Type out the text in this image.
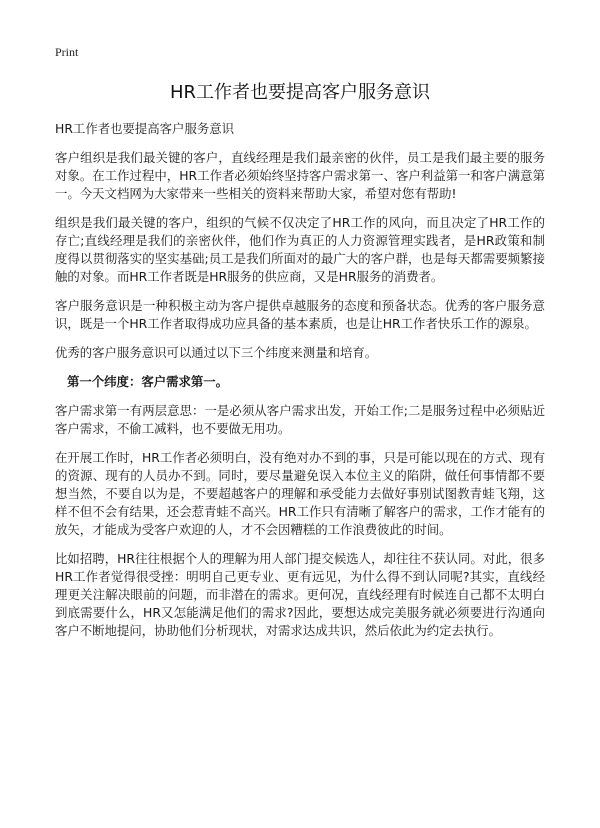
Print
HR工作者也要提高客户服务意识

HR工作者也要提高客户服务意识

客户组织是我们最关键的客户，直线经理是我们最亲密的伙伴，员工是我们最主要的服务对象。在工作过程中，HR工作者必须始终坚持客户需求第一、客户利益第一和客户满意第一。今天文档网为大家带来一些相关的资料来帮助大家，希望对您有帮助!

组织是我们最关键的客户，组织的气候不仅决定了HR工作的风向，而且决定了HR工作的存亡;直线经理是我们的亲密伙伴，他们作为真正的人力资源管理实践者，是HR政策和制度得以贯彻落实的坚实基础;员工是我们所面对的最广大的客户群，也是每天都需要频繁接触的对象。而HR工作者既是HR服务的供应商，又是HR服务的消费者。

客户服务意识是一种积极主动为客户提供卓越服务的态度和预备状态。优秀的客户服务意识，既是一个HR工作者取得成功应具备的基本素质，也是让HR工作者快乐工作的源泉。

优秀的客户服务意识可以通过以下三个纬度来测量和培育。

第一个纬度：客户需求第一。

客户需求第一有两层意思：一是必须从客户需求出发，开始工作;二是服务过程中必须贴近客户需求，不偷工减料，也不要做无用功。

在开展工作时，HR工作者必须明白，没有绝对办不到的事，只是可能以现在的方式、现有的资源、现有的人员办不到。同时，要尽量避免误入本位主义的陷阱，做任何事情都不要想当然，不要自以为是，不要超越客户的理解和承受能力去做好事别试图教青蛙飞翔，这样不但不会有结果，还会惹青蛙不高兴。HR工作只有清晰了解客户的需求，工作才能有的放矢，才能成为受客户欢迎的人，才不会因糟糕的工作浪费彼此的时间。

比如招聘，HR往往根据个人的理解为用人部门提交候选人，却往往不获认同。对此，很多HR工作者觉得很受挫：明明自己更专业、更有远见，为什么得不到认同呢?其实，直线经理更关注解决眼前的问题，而非潜在的需求。更何况，直线经理有时候连自己都不太明白到底需要什么，HR又怎能满足他们的需求?因此，要想达成完美服务就必须要进行沟通向客户不断地提问，协助他们分析现状，对需求达成共识，然后依此为约定去执行。
